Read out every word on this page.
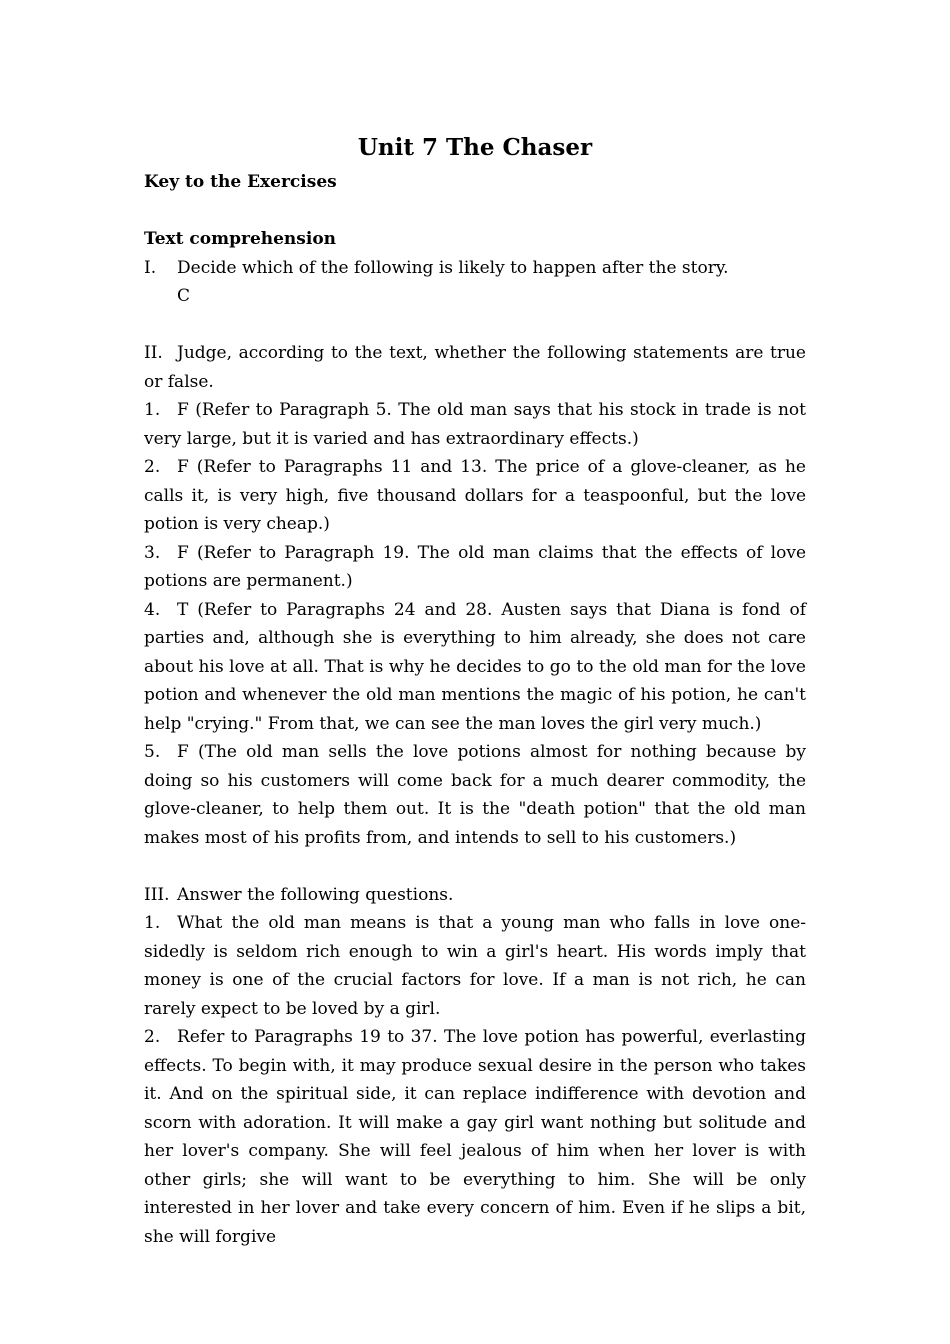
Unit 7 The Chaser

Key to the Exercises

Text comprehension

I. Decide which of the following is likely to happen after the story.

C

II. Judge, according to the text, whether the following statements are true or false.

1. F (Refer to Paragraph 5. The old man says that his stock in trade is not very large, but it is varied and has extraordinary effects.)

2. F (Refer to Paragraphs 11 and 13. The price of a glove-cleaner, as he calls it, is very high, five thousand dollars for a teaspoonful, but the love potion is very cheap.)

3. F (Refer to Paragraph 19. The old man claims that the effects of love potions are permanent.)

4. T (Refer to Paragraphs 24 and 28. Austen says that Diana is fond of parties and, although she is everything to him already, she does not care about his love at all. That is why he decides to go to the old man for the love potion and whenever the old man mentions the magic of his potion, he can't help "crying." From that, we can see the man loves the girl very much.)

5. F (The old man sells the love potions almost for nothing because by doing so his customers will come back for a much dearer commodity, the glove-cleaner, to help them out. It is the "death potion" that the old man makes most of his profits from, and intends to sell to his customers.)

III. Answer the following questions.

1. What the old man means is that a young man who falls in love one-sidedly is seldom rich enough to win a girl's heart. His words imply that money is one of the crucial factors for love. If a man is not rich, he can rarely expect to be loved by a girl.

2. Refer to Paragraphs 19 to 37. The love potion has powerful, everlasting effects. To begin with, it may produce sexual desire in the person who takes it. And on the spiritual side, it can replace indifference with devotion and scorn with adoration. It will make a gay girl want nothing but solitude and her lover's company. She will feel jealous of him when her lover is with other girls; she will want to be everything to him. She will be only interested in her lover and take every concern of him. Even if he slips a bit, she will forgive
